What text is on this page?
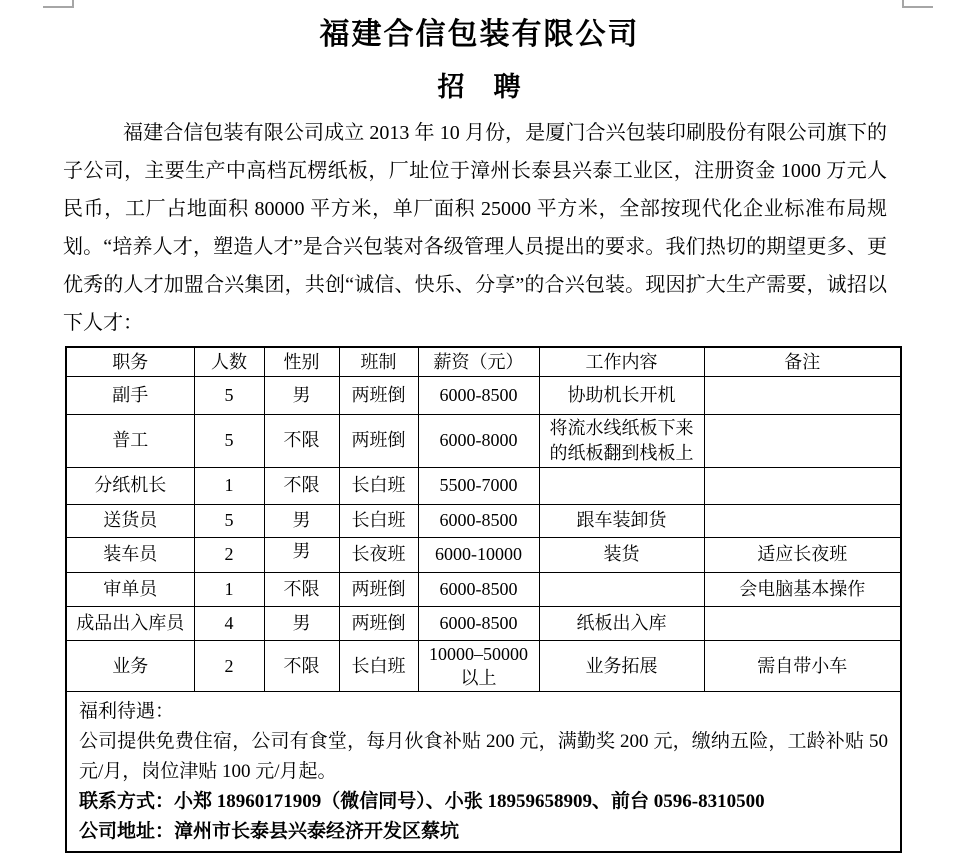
福建合信包装有限公司
招　聘

福建合信包装有限公司成立 2013 年 10 月份，是厦门合兴包装印刷股份有限公司旗下的子公司，主要生产中高档瓦楞纸板，厂址位于漳州长泰县兴泰工业区，注册资金 1000 万元人民币，工厂占地面积 80000 平方米，单厂面积 25000 平方米，全部按现代化企业标准布局规划。“培养人才，塑造人才”是合兴包装对各级管理人员提出的要求。我们热切的期望更多、更优秀的人才加盟合兴集团，共创“诚信、快乐、分享”的合兴包装。现因扩大生产需要，诚招以下人才：

职务	人数	性别	班制	薪资（元）	工作内容	备注
副手	5	男	两班倒	6000-8500	协助机长开机	
普工	5	不限	两班倒	6000-8000	将流水线纸板下来的纸板翻到栈板上	
分纸机长	1	不限	长白班	5500-7000		
送货员	5	男	长白班	6000-8500	跟车装卸货	
装车员	2	男	长夜班	6000-10000	装货	适应长夜班
审单员	1	不限	两班倒	6000-8500		会电脑基本操作
成品出入库员	4	男	两班倒	6000-8500	纸板出入库	
业务	2	不限	长白班	10000–50000以上	业务拓展	需自带小车

福利待遇：

公司提供免费住宿，公司有食堂，每月伙食补贴 200 元，满勤奖 200 元，缴纳五险，工龄补贴 50 元/月，岗位津贴 100 元/月起。

联系方式：小郑 18960171909（微信同号）、小张 18959658909、前台 0596-8310500
公司地址：漳州市长泰县兴泰经济开发区蔡坑						
